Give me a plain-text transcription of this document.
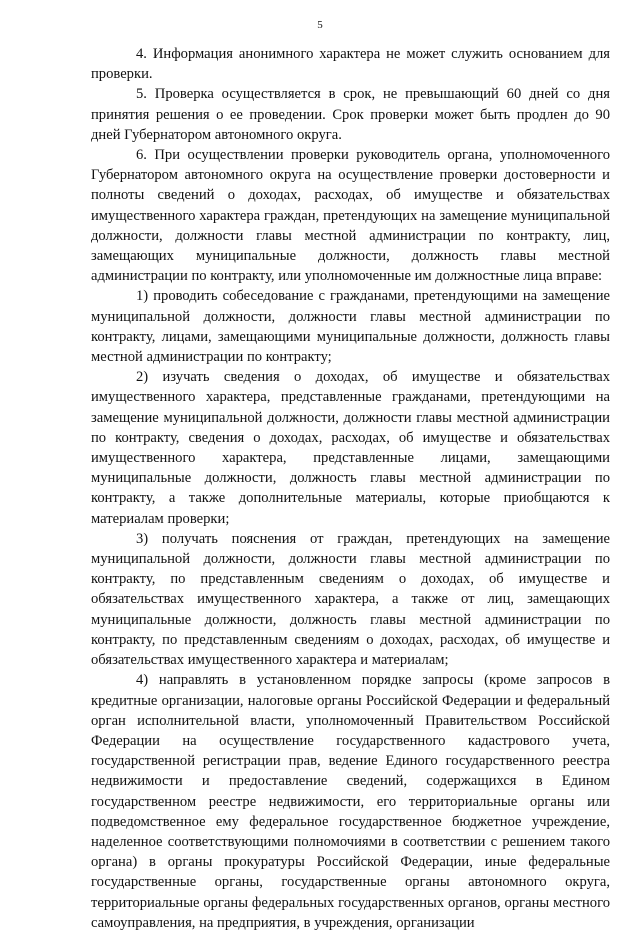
5

4. Информация анонимного характера не может служить основанием для проверки.

5. Проверка осуществляется в срок, не превышающий 60 дней со дня принятия решения о ее проведении. Срок проверки может быть продлен до 90 дней Губернатором автономного округа.

6. При осуществлении проверки руководитель органа, уполномоченного Губернатором автономного округа на осуществление проверки достоверности и полноты сведений о доходах, расходах, об имуществе и обязательствах имущественного характера граждан, претендующих на замещение муниципальной должности, должности главы местной администрации по контракту, лиц, замещающих муниципальные должности, должность главы местной администрации по контракту, или уполномоченные им должностные лица вправе:

1) проводить собеседование с гражданами, претендующими на замещение муниципальной должности, должности главы местной администрации по контракту, лицами, замещающими муниципальные должности, должность главы местной администрации по контракту;

2) изучать сведения о доходах, об имуществе и обязательствах имущественного характера, представленные гражданами, претендующими на замещение муниципальной должности, должности главы местной администрации по контракту, сведения о доходах, расходах, об имуществе и обязательствах имущественного характера, представленные лицами, замещающими муниципальные должности, должность главы местной администрации по контракту, а также дополнительные материалы, которые приобщаются к материалам проверки;

3) получать пояснения от граждан, претендующих на замещение муниципальной должности, должности главы местной администрации по контракту, по представленным сведениям о доходах, об имуществе и обязательствах имущественного характера, а также от лиц, замещающих муниципальные должности, должность главы местной администрации по контракту, по представленным сведениям о доходах, расходах, об имуществе и обязательствах имущественного характера и материалам;

4) направлять в установленном порядке запросы (кроме запросов в кредитные организации, налоговые органы Российской Федерации и федеральный орган исполнительной власти, уполномоченный Правительством Российской Федерации на осуществление государственного кадастрового учета, государственной регистрации прав, ведение Единого государственного реестра недвижимости и предоставление сведений, содержащихся в Едином государственном реестре недвижимости, его территориальные органы или подведомственное ему федеральное государственное бюджетное учреждение, наделенное соответствующими полномочиями в соответствии с решением такого органа) в органы прокуратуры Российской Федерации, иные федеральные государственные органы, государственные органы автономного округа, территориальные органы федеральных государственных органов, органы местного самоуправления, на предприятия, в учреждения, организации
